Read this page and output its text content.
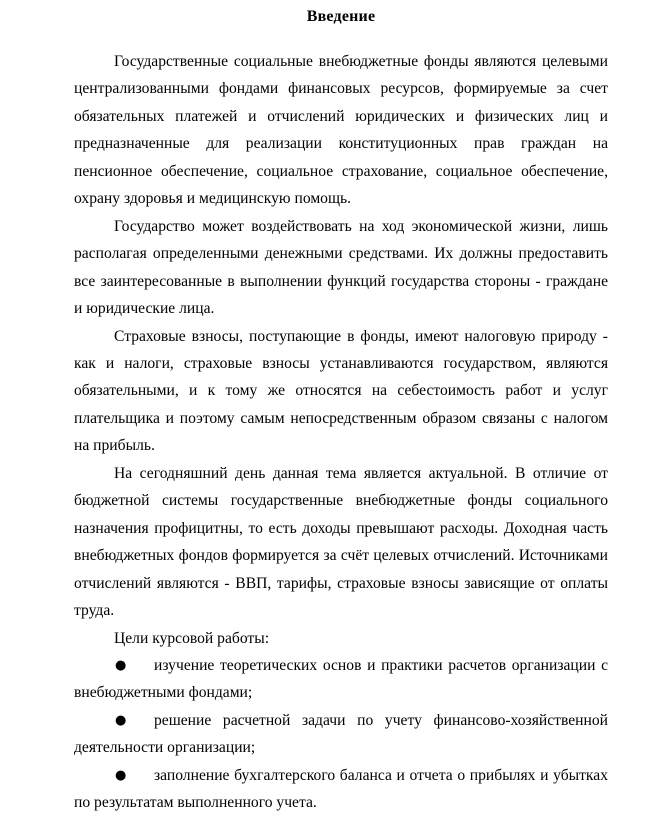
Введение

Государственные социальные внебюджетные фонды являются целевыми централизованными фондами финансовых ресурсов, формируемые за счет обязательных платежей и отчислений юридических и физических лиц и предназначенные для реализации конституционных прав граждан на пенсионное обеспечение, социальное страхование, социальное обеспечение, охрану здоровья и медицинскую помощь.

Государство может воздействовать на ход экономической жизни, лишь располагая определенными денежными средствами. Их должны предоставить все заинтересованные в выполнении функций государства стороны - граждане и юридические лица.

Страховые взносы, поступающие в фонды, имеют налоговую природу - как и налоги, страховые взносы устанавливаются государством, являются обязательными, и к тому же относятся на себестоимость работ и услуг плательщика и поэтому самым непосредственным образом связаны с налогом на прибыль.

На сегодняшний день данная тема является актуальной. В отличие от бюджетной системы государственные внебюджетные фонды социального назначения профицитны, то есть доходы превышают расходы. Доходная часть внебюджетных фондов формируется за счёт целевых отчислений. Источниками отчислений являются - ВВП, тарифы, страховые взносы зависящие от оплаты труда.

Цели курсовой работы:

● изучение теоретических основ и практики расчетов организации с внебюджетными фондами;

● решение расчетной задачи по учету финансово-хозяйственной деятельности организации;

● заполнение бухгалтерского баланса и отчета о прибылях и убытках по результатам выполненного учета.
